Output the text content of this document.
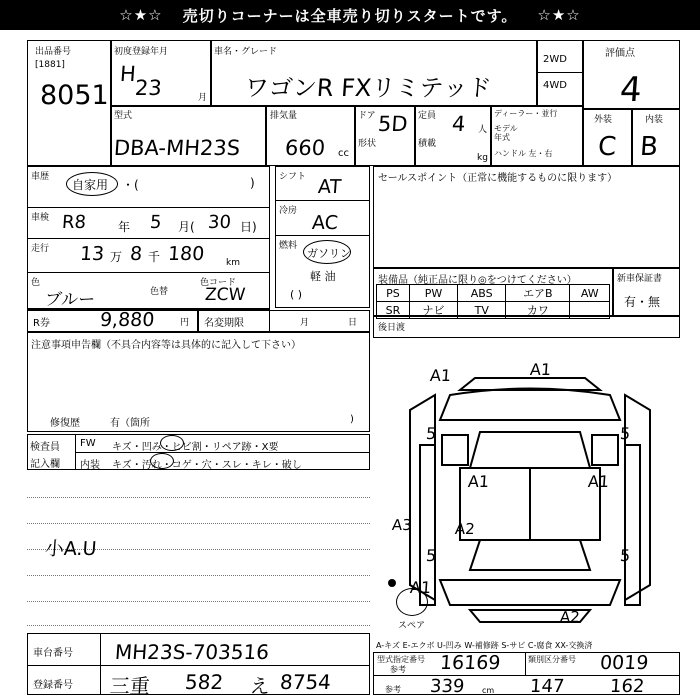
☆★☆ 売切りコーナーは全車売り切りスタートです。 ☆★☆
出品番号
[1881]
8051
初度登録年月
H
23	月
車名・グレード
ワゴンR FXリミテッド
2WD
4WD
評価点
4
型式
DBA-MH23S
排気量
660 cc
ドア 5D
形状
定員 4 人
積載
kg
ディーラー・並行
モデル年式
ハンドル 左・右
外装	内装
C B
車歴
自家用 ・(	)
車検 R8	年 5 月( 30 日)
走行 13 万 8 千 180 km
色
ブルー	色替
色コード
ZCW
シフト AT
冷房
AC
燃料
ガソリン
軽 油
( )
セールスポイント（正常に機能するものに限ります）
装備品（純正品に限り◎をつけてください）	新車保証書
有・無
PS	PW	ABS	エアB	AW
SR	ナビ	TV	カワ	
R券	9,880	円 名変期限	月	日 後日渡
注意事項申告欄（不具合内容等は具体的に記入して下さい）
修復歴	有（箇所	)
検査員
記入欄
FW キズ・凹み・ヒビ割・リペア跡・X要
内装 キズ・汚れ・コゲ・穴・スレ・キレ・破し
小A.U
A1	A1
5	5
A1	A1
A3	A2
5	5
A1
A2
スペア
A-キズ E-エクボ U-凹み W-補修跡 S-サビ C-腐食 XX-交換済
車台番号 MH23S-703516
登録番号 三重 582 え 8754
型式指定番号
参考 16169	類別区分番号 0019
参考 339 cm 147 162
